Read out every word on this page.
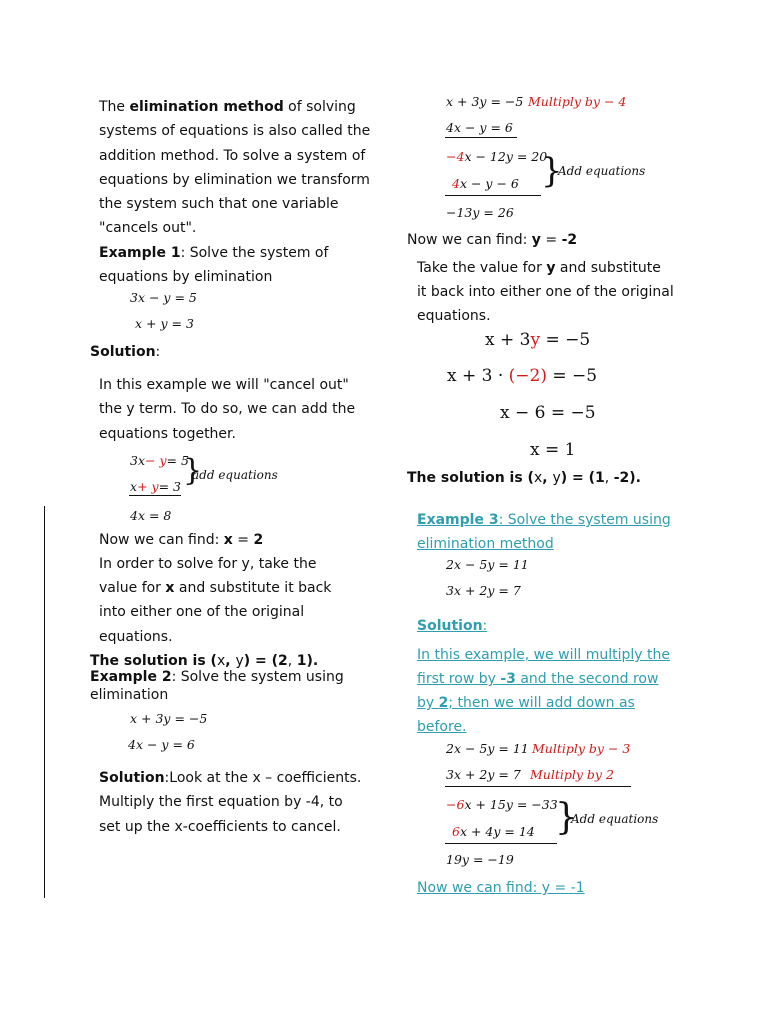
The elimination method of solving
systems of equations is also called the
addition method. To solve a system of
equations by elimination we transform
the system such that one variable
"cancels out".
Example 1: Solve the system of
equations by elimination
3x − y = 5
x + y = 3
Solution:
In this example we will "cancel out"
the y term. To do so, we can add the
equations together.
3x− y= 5
x+ y= 3 }
add equations
4x = 8
Now we can find: x = 2
In order to solve for y, take the
value for x and substitute it back
into either one of the original
equations.
The solution is (x, y) = (2, 1).
Example 2: Solve the system using
elimination
x + 3y = −5
4x − y = 6
Solution:Look at the x – coefficients.
Multiply the first equation by -4, to
set up the x-coefficients to cancel.
x + 3y = −5 Multiply by − 4
4x − y = 6
−4x − 12y = 20
4x − y − 6 }
Add equations
−13y = 26
Now we can find: y = -2
Take the value for y and substitute
it back into either one of the original
equations.
x + 3y = −5
x + 3 · (−2) = −5
x − 6 = −5
x = 1
The solution is (x, y) = (1, -2).
Example 3: Solve the system using
elimination method
2x − 5y = 11
3x + 2y = 7
Solution:
In this example, we will multiply the
first row by -3 and the second row
by 2; then we will add down as
before.
2x − 5y = 11 Multiply by − 3
3x + 2y = 7 Multiply by 2
−6x + 15y = −33
6x + 4y = 14 }
Add equations
19y = −19
Now we can find: y = -1
